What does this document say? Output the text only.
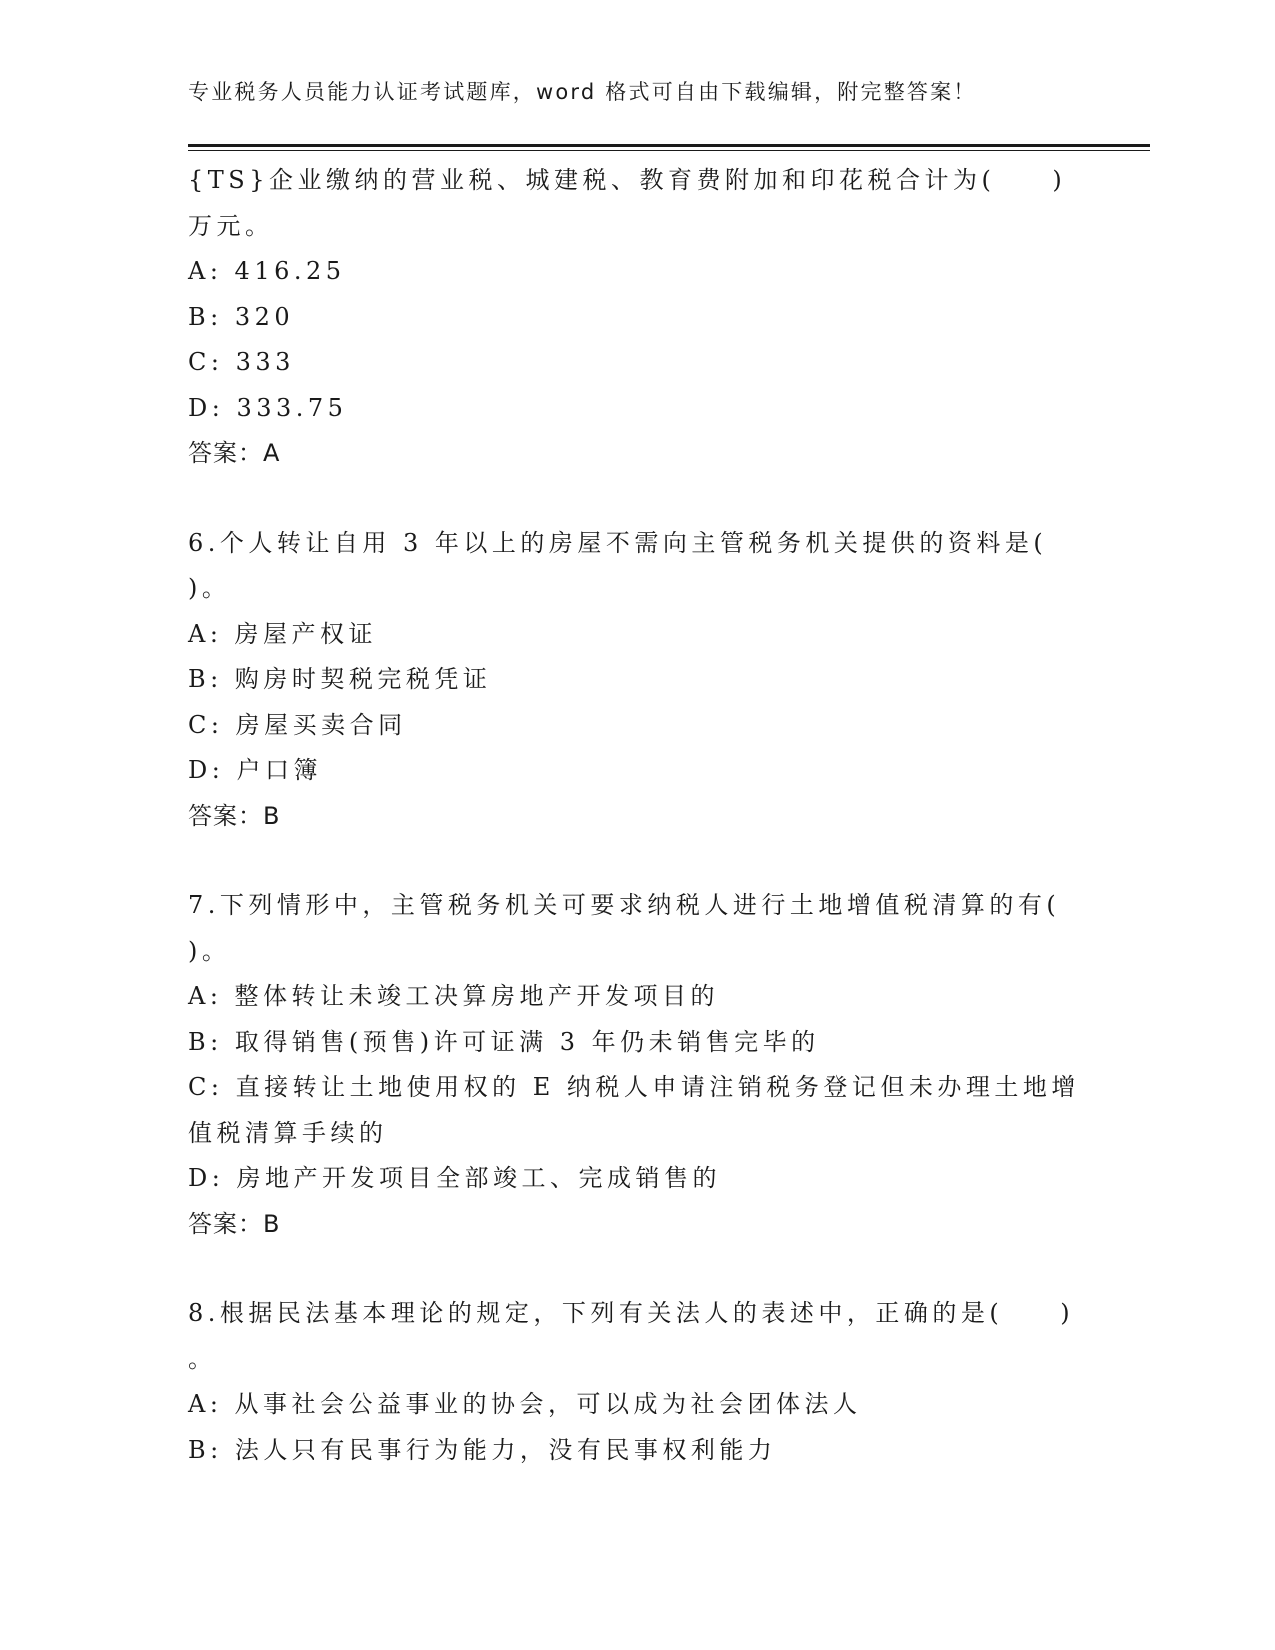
专业税务人员能力认证考试题库，word 格式可自由下载编辑，附完整答案！
{TS}企业缴纳的营业税、城建税、教育费附加和印花税合计为(　　)
万元。
A: 416.25
B: 320
C: 333
D: 333.75
答案：A
6.个人转让自用 3 年以上的房屋不需向主管税务机关提供的资料是(
)。
A: 房屋产权证
B: 购房时契税完税凭证
C: 房屋买卖合同
D: 户口簿
答案：B
7.下列情形中，主管税务机关可要求纳税人进行土地增值税清算的有(
)。
A: 整体转让未竣工决算房地产开发项目的
B: 取得销售(预售)许可证满 3 年仍未销售完毕的
C: 直接转让土地使用权的 E 纳税人申请注销税务登记但未办理土地增
值税清算手续的
D: 房地产开发项目全部竣工、完成销售的
答案：B
8.根据民法基本理论的规定，下列有关法人的表述中，正确的是(　　)
。
A: 从事社会公益事业的协会，可以成为社会团体法人
B: 法人只有民事行为能力，没有民事权利能力
